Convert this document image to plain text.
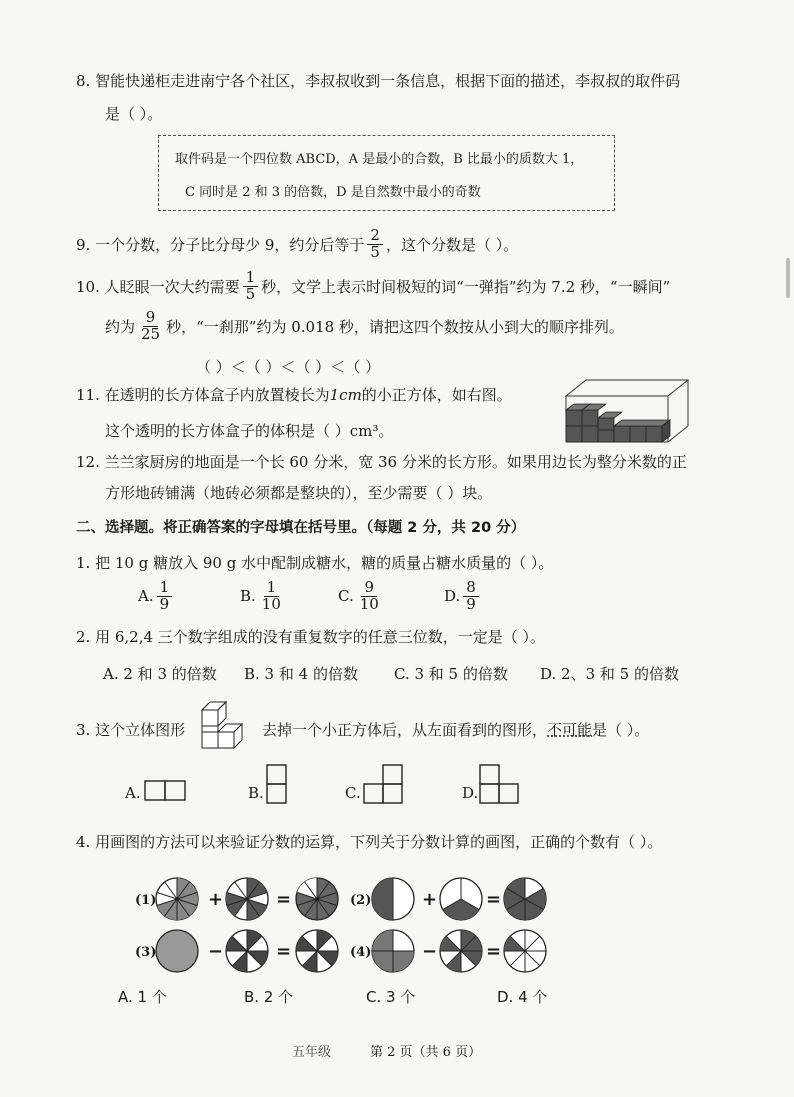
8. 智能快递柜走进南宁各个社区，李叔叔收到一条信息，根据下面的描述，李叔叔的取件码
是（ ）。
取件码是一个四位数 ABCD，A 是最小的合数，B 比最小的质数大 1，
C 同时是 2 和 3 的倍数，D 是自然数中最小的奇数
9. 一个分数，分子比分母少 9，约分后等于 $\frac{2}{5}$ ，这个分数是（ ）。
10. 人眨眼一次大约需要 $\frac{1}{5}$ 秒，文学上表示时间极短的词“一弹指”约为 7.2 秒，“一瞬间”
约为 $\frac{9}{25}$ 秒，“一刹那”约为 0.018 秒，请把这四个数按从小到大的顺序排列。
（ ）＜（ ）＜（ ）＜（ ）
11. 在透明的长方体盒子内放置棱长为1cm的小正方体，如右图。
这个透明的长方体盒子的体积是（ ）cm³。
12. 兰兰家厨房的地面是一个长 60 分米，宽 36 分米的长方形。如果用边长为整分米数的正
方形地砖铺满（地砖必须都是整块的），至少需要（ ）块。
二、选择题。将正确答案的字母填在括号里。（每题 2 分，共 20 分）
1. 把 10 g 糖放入 90 g 水中配制成糖水，糖的质量占糖水质量的（ ）。
A. $\frac{1}{9}$	B. $\frac{1}{10}$	C. $\frac{9}{10}$	D. $\frac{8}{9}$
2. 用 6,2,4 三个数字组成的没有重复数字的任意三位数，一定是（ ）。
A. 2 和 3 的倍数 B. 3 和 4 的倍数 C. 3 和 5 的倍数 D. 2、3 和 5 的倍数
3. 这个立体图形	去掉一个小正方体后，从左面看到的图形，不可能是（ ）。
A.	B.	C.	D.
4. 用画图的方法可以来验证分数的运算，下列关于分数计算的画图，正确的个数有（ ）。
(1)	+	=	(2)	+	=
(3)	−	=	(4)	−	=
A. 1 个	B. 2 个	C. 3 个	D. 4 个
五年级	第 2 页（共 6 页）
